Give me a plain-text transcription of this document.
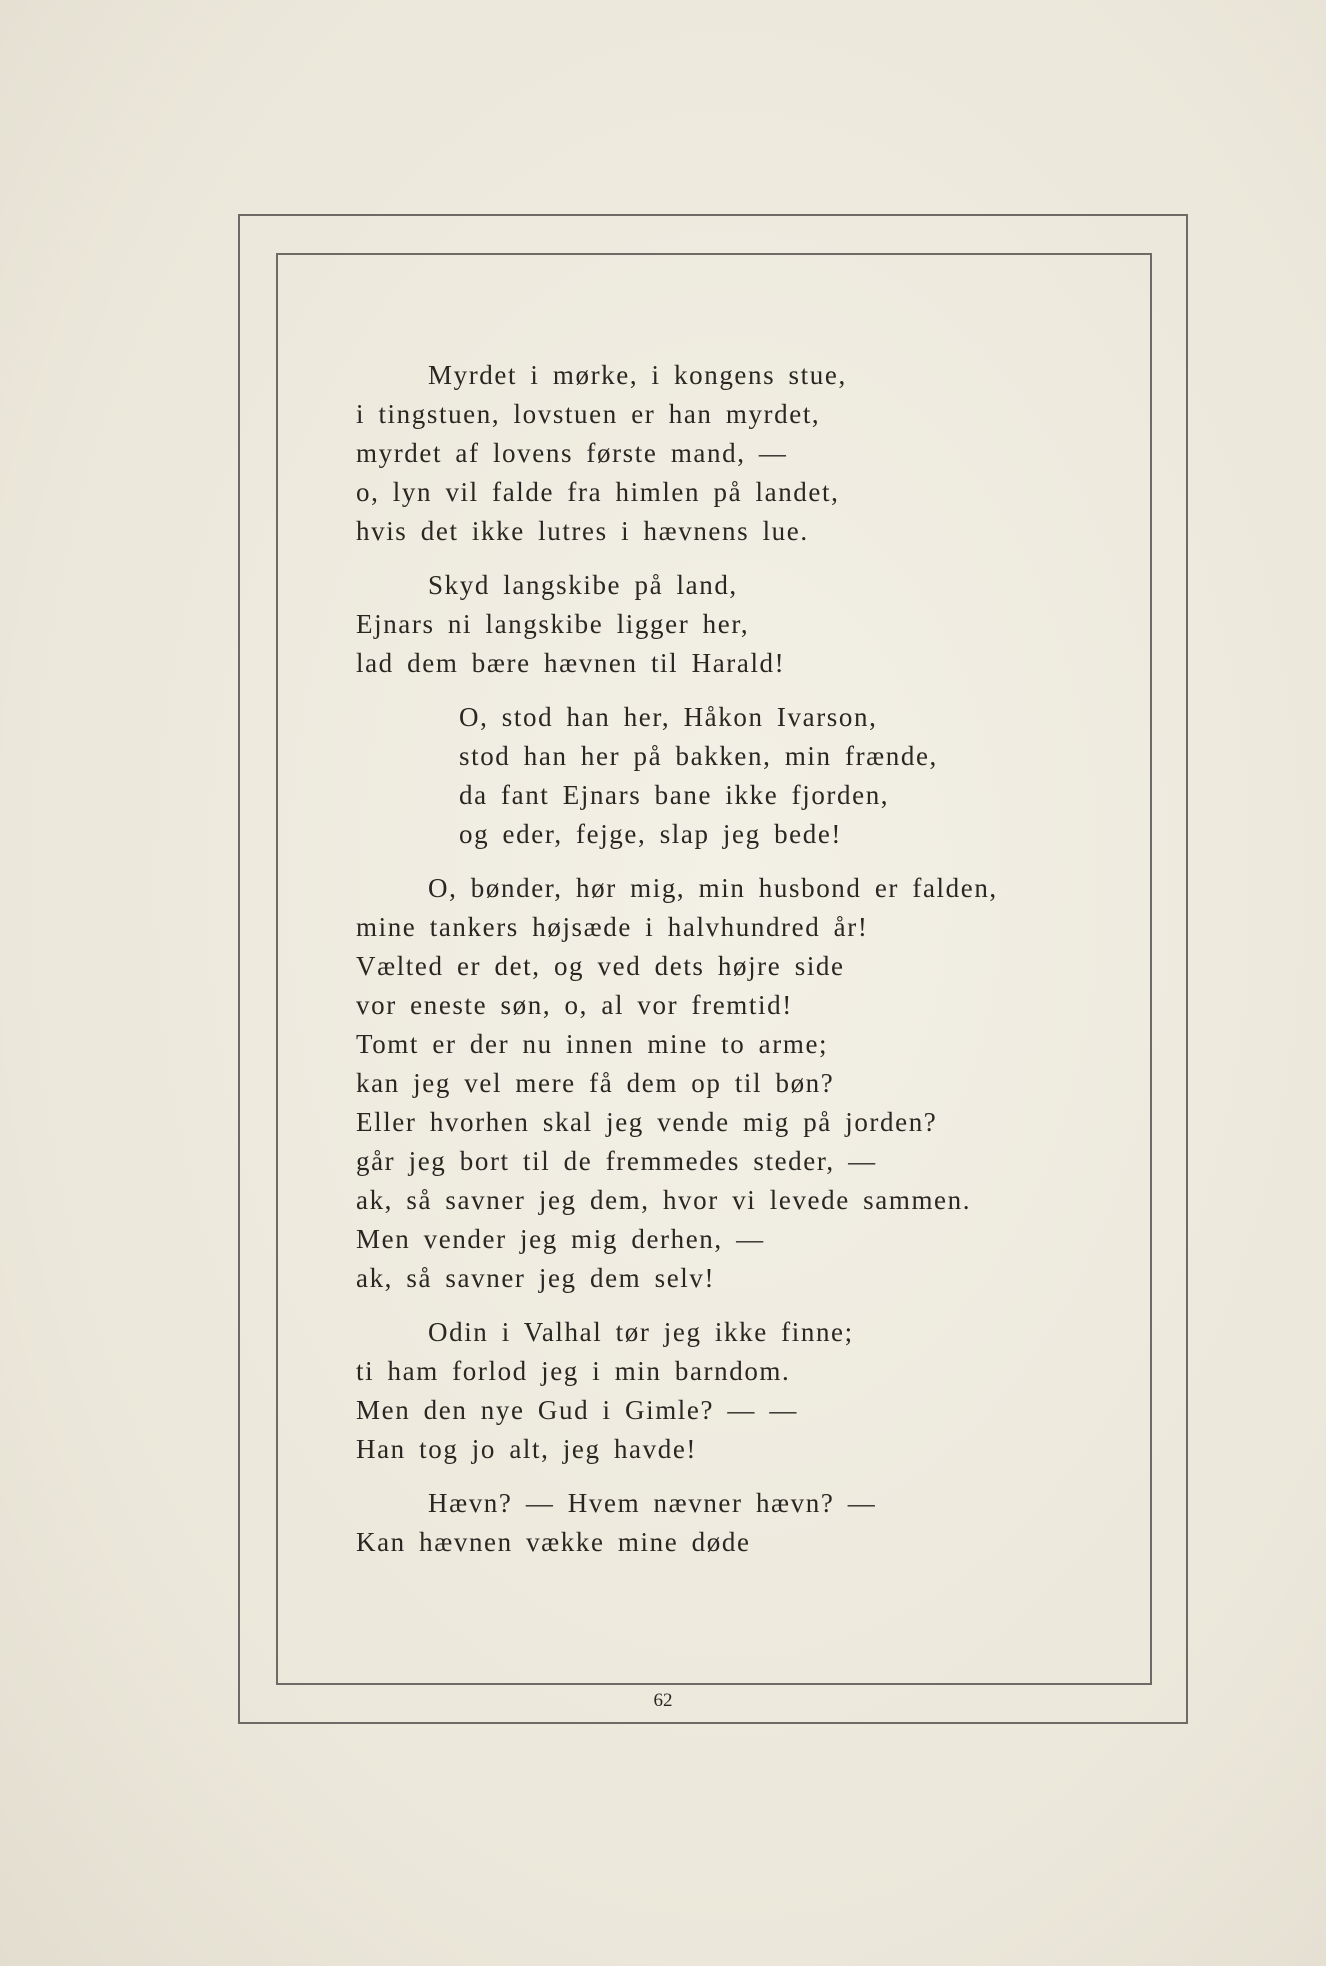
Myrdet i mørke, i kongens stue,
i tingstuen, lovstuen er han myrdet,
myrdet af lovens første mand, —
o, lyn vil falde fra himlen på landet,
hvis det ikke lutres i hævnens lue.
Skyd langskibe på land,
Ejnars ni langskibe ligger her,
lad dem bære hævnen til Harald!
O, stod han her, Håkon Ivarson,
stod han her på bakken, min frænde,
da fant Ejnars bane ikke fjorden,
og eder, fejge, slap jeg bede!
O, bønder, hør mig, min husbond er falden,
mine tankers højsæde i halvhundred år!
Vælted er det, og ved dets højre side
vor eneste søn, o, al vor fremtid!
Tomt er der nu innen mine to arme;
kan jeg vel mere få dem op til bøn?
Eller hvorhen skal jeg vende mig på jorden?
går jeg bort til de fremmedes steder, —
ak, så savner jeg dem, hvor vi levede sammen.
Men vender jeg mig derhen, —
ak, så savner jeg dem selv!
Odin i Valhal tør jeg ikke finne;
ti ham forlod jeg i min barndom.
Men den nye Gud i Gimle? — —
Han tog jo alt, jeg havde!
Hævn? — Hvem nævner hævn? —
Kan hævnen vække mine døde
62
